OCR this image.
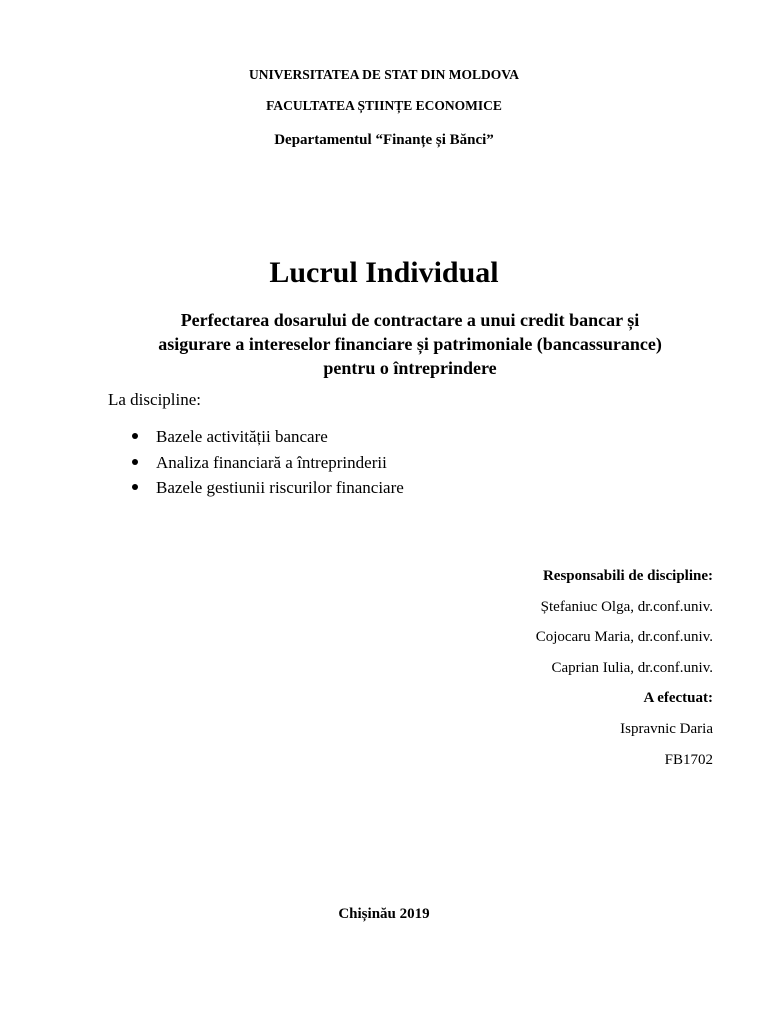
UNIVERSITATEA DE STAT DIN MOLDOVA
FACULTATEA ȘTIINȚE ECONOMICE
Departamentul “Finanțe și Bănci”
Lucrul Individual
Perfectarea dosarului de contractare a unui credit bancar și
asigurare a intereselor financiare și patrimoniale (bancassurance)
pentru o întreprindere
La discipline:
Bazele activității bancare
Analiza financiară a întreprinderii
Bazele gestiunii riscurilor financiare
Responsabili de discipline:
Ștefaniuc Olga, dr.conf.univ.
Cojocaru Maria, dr.conf.univ.
Caprian Iulia, dr.conf.univ.
A efectuat:
Ispravnic Daria
FB1702
Chișinău 2019
